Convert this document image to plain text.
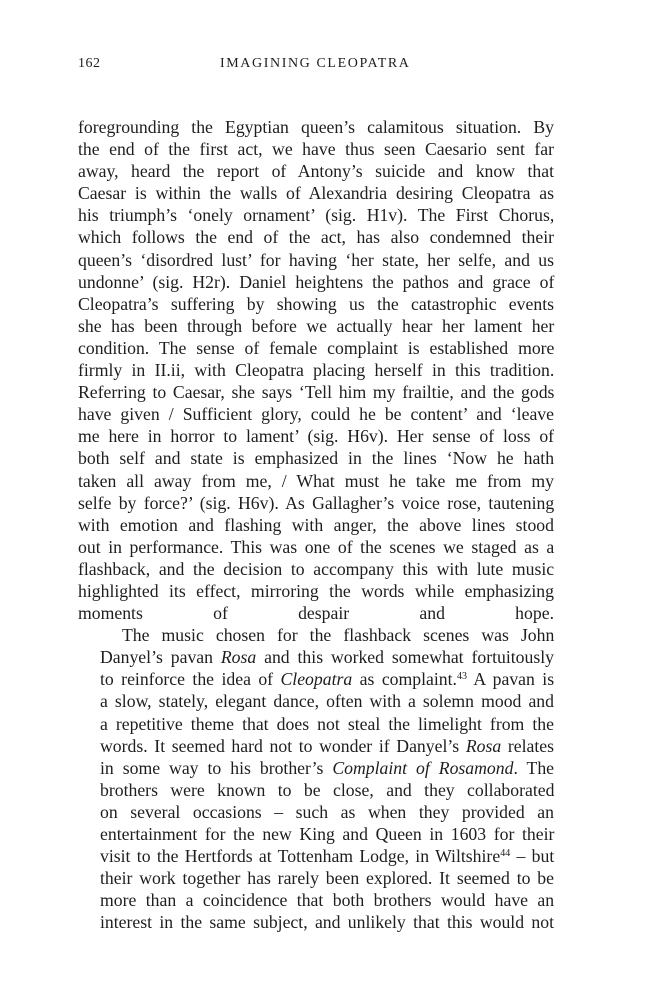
162	IMAGINING CLEOPATRA
foregrounding the Egyptian queen’s calamitous situation. By
the end of the first act, we have thus seen Caesario sent far
away, heard the report of Antony’s suicide and know that
Caesar is within the walls of Alexandria desiring Cleopatra as
his triumph’s ‘onely ornament’ (sig. H1v). The First Chorus,
which follows the end of the act, has also condemned their
queen’s ‘disordred lust’ for having ‘her state, her selfe, and us
undonne’ (sig. H2r). Daniel heightens the pathos and grace of
Cleopatra’s suffering by showing us the catastrophic events
she has been through before we actually hear her lament her
condition. The sense of female complaint is established more
firmly in II.ii, with Cleopatra placing herself in this tradition.
Referring to Caesar, she says ‘Tell him my frailtie, and the gods
have given / Sufficient glory, could he be content’ and ‘leave
me here in horror to lament’ (sig. H6v). Her sense of loss of
both self and state is emphasized in the lines ‘Now he hath
taken all away from me, / What must he take me from my
selfe by force?’ (sig. H6v). As Gallagher’s voice rose, tautening
with emotion and flashing with anger, the above lines stood
out in performance. This was one of the scenes we staged as a
flashback, and the decision to accompany this with lute music
highlighted its effect, mirroring the words while emphasizing
moments of despair and hope.
The music chosen for the flashback scenes was John
Danyel’s pavan Rosa and this worked somewhat fortuitously
to reinforce the idea of Cleopatra as complaint.$^{43}$ A pavan is
a slow, stately, elegant dance, often with a solemn mood and
a repetitive theme that does not steal the limelight from the
words. It seemed hard not to wonder if Danyel’s Rosa relates
in some way to his brother’s Complaint of Rosamond. The
brothers were known to be close, and they collaborated
on several occasions – such as when they provided an
entertainment for the new King and Queen in 1603 for their
visit to the Hertfords at Tottenham Lodge, in Wiltshire$^{44}$ – but
their work together has rarely been explored. It seemed to be
more than a coincidence that both brothers would have an
interest in the same subject, and unlikely that this would not
